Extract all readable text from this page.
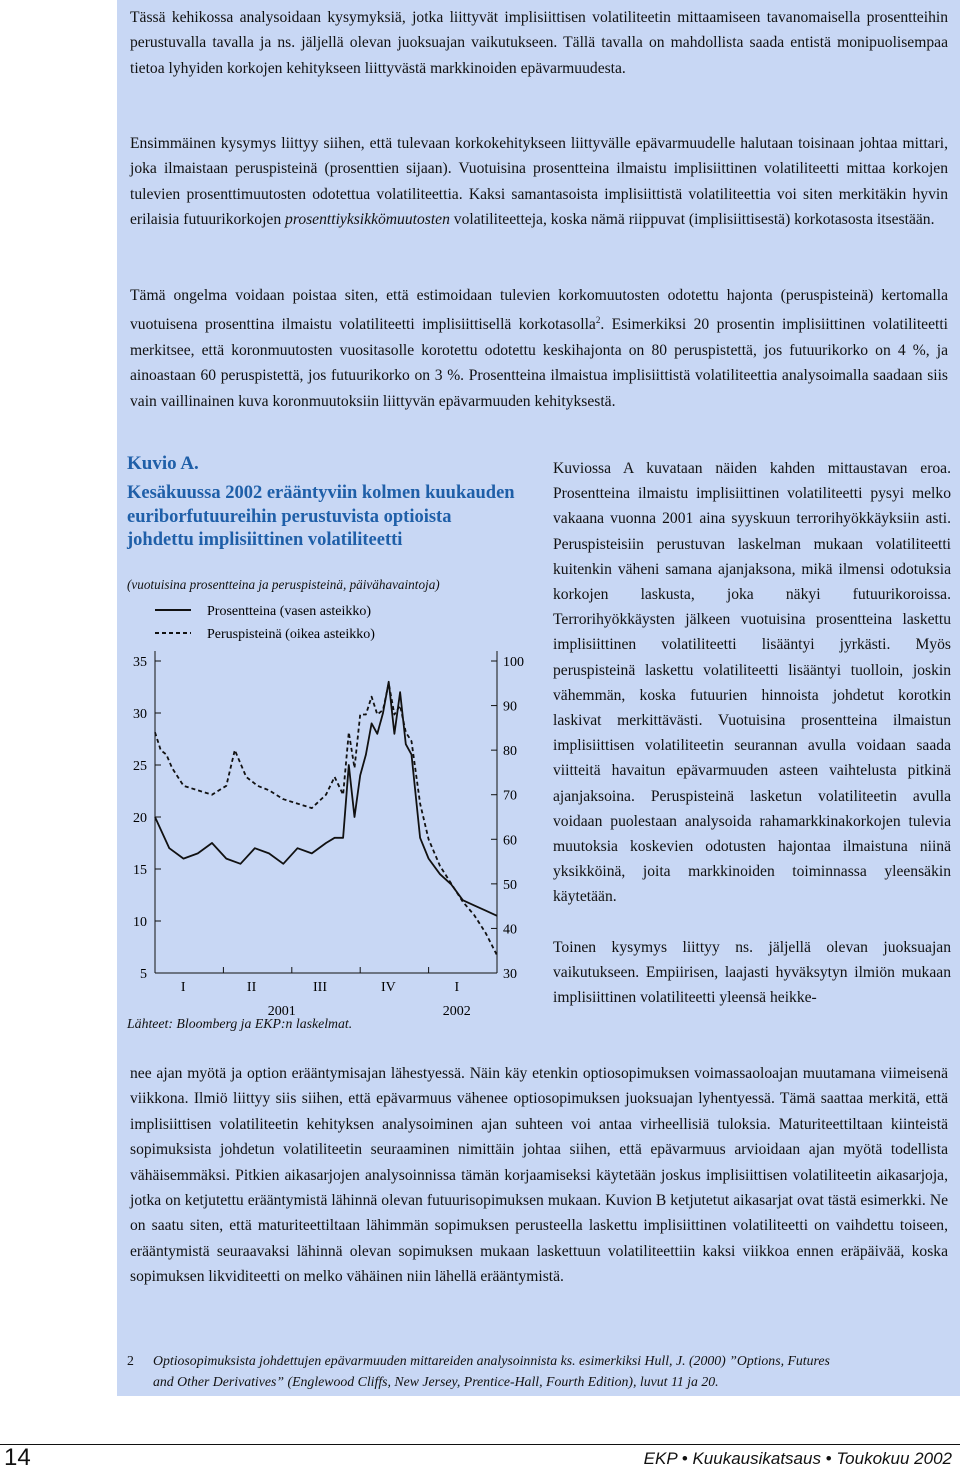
Tässä kehikossa analysoidaan kysymyksiä, jotka liittyvät implisiittisen volatiliteetin mittaamiseen tavanomaisella prosentteihin perustuvalla tavalla ja ns. jäljellä olevan juoksuajan vaikutukseen. Tällä tavalla on mahdollista saada entistä monipuolisempaa tietoa lyhyiden korkojen kehitykseen liittyvästä markkinoiden epävarmuudesta.

Ensimmäinen kysymys liittyy siihen, että tulevaan korkokehitykseen liittyvälle epävarmuudelle halutaan toisinaan johtaa mittari, joka ilmaistaan peruspisteinä (prosenttien sijaan). Vuotuisina prosentteina ilmaistu implisiittinen volatiliteetti mittaa korkojen tulevien prosenttimuutosten odotettua volatiliteettia. Kaksi samantasoista implisiittistä volatiliteettia voi siten merkitäkin hyvin erilaisia futuurikorkojen prosenttiyksikkömuutosten volatiliteetteja, koska nämä riippuvat (implisiittisestä) korkotasosta itsestään.

Tämä ongelma voidaan poistaa siten, että estimoidaan tulevien korkomuutosten odotettu hajonta (peruspisteinä) kertomalla vuotuisena prosenttina ilmaistu volatiliteetti implisiittisellä korkotasolla$^2$. Esimerkiksi 20 prosentin implisiittinen volatiliteetti merkitsee, että koronmuutosten vuositasolle korotettu odotettu keskihajonta on 80 peruspistettä, jos futuurikorko on 4 %, ja ainoastaan 60 peruspistettä, jos futuurikorko on 3 %. Prosentteina ilmaistua implisiittistä volatiliteettia analysoimalla saadaan siis vain vaillinainen kuva koronmuutoksiin liittyvän epävarmuuden kehityksestä.

Kuvio A.
Kesäkuussa 2002 erääntyviin kolmen kuukauden euriborfutuureihin perustuvista optioista johdettu implisiittinen volatiliteetti
(vuotuisina prosentteina ja peruspisteinä, päivähavaintoja)
Prosentteina (vasen asteikko)
Peruspisteinä (oikea asteikko)
5
10
15
20
25
30
35
30
40
50
60
70
80
90
100
I	II	III	IV	I
2001	2002
Lähteet: Bloomberg ja EKP:n laskelmat.

Kuviossa A kuvataan näiden kahden mittaustavan eroa. Prosentteina ilmaistu implisiittinen volatiliteetti pysyi melko vakaana vuonna 2001 aina syyskuun terrorihyökkäyksiin asti. Peruspisteisiin perustuvan laskelman mukaan volatiliteetti kuitenkin väheni samana ajanjaksona, mikä ilmensi odotuksia korkojen laskusta, joka näkyi futuurikoroissa. Terrorihyökkäysten jälkeen vuotuisina prosentteina laskettu implisiittinen volatiliteetti lisääntyi jyrkästi. Myös peruspisteinä laskettu volatiliteetti lisääntyi tuolloin, joskin vähemmän, koska futuurien hinnoista johdetut korotkin laskivat merkittävästi. Vuotuisina prosentteina ilmaistun implisiittisen volatiliteetin seurannan avulla voidaan saada viitteitä havaitun epävarmuuden asteen vaihtelusta pitkinä ajanjaksoina. Peruspisteinä lasketun volatiliteetin avulla voidaan puolestaan analysoida rahamarkkinakorkojen tulevia muutoksia koskevien odotusten hajontaa ilmaistuna niinä yksikköinä, joita markkinoiden toiminnassa yleensäkin käytetään.

Toinen kysymys liittyy ns. jäljellä olevan juoksuajan vaikutukseen. Empiirisen, laajasti hyväksytyn ilmiön mukaan implisiittinen volatiliteetti yleensä heikke-

nee ajan myötä ja option erääntymisajan lähestyessä. Näin käy etenkin optiosopimuksen voimassaoloajan muutamana viimeisenä viikkona. Ilmiö liittyy siis siihen, että epävarmuus vähenee optiosopimuksen juoksuajan lyhentyessä. Tämä saattaa merkitä, että implisiittisen volatiliteetin kehityksen analysoiminen ajan suhteen voi antaa virheellisiä tuloksia. Maturiteettiltaan kiinteistä sopimuksista johdetun volatiliteetin seuraaminen nimittäin johtaa siihen, että epävarmuus arvioidaan ajan myötä todellista vähäisemmäksi. Pitkien aikasarjojen analysoinnissa tämän korjaamiseksi käytetään joskus implisiittisen volatiliteetin aikasarjoja, jotka on ketjutettu erääntymistä lähinnä olevan futuurisopimuksen mukaan. Kuvion B ketjutetut aikasarjat ovat tästä esimerkki. Ne on saatu siten, että maturiteettiltaan lähimmän sopimuksen perusteella laskettu implisiittinen volatiliteetti on vaihdettu toiseen, erääntymistä seuraavaksi lähinnä olevan sopimuksen mukaan laskettuun volatiliteettiin kaksi viikkoa ennen eräpäivää, koska sopimuksen likviditeetti on melko vähäinen niin lähellä erääntymistä.

2 Optiosopimuksista johdettujen epävarmuuden mittareiden analysoinnista ks. esimerkiksi Hull, J. (2000) ”Options, Futures
and Other Derivatives” (Englewood Cliffs, New Jersey, Prentice-Hall, Fourth Edition), luvut 11 ja 20.
14	EKP • Kuukausikatsaus • Toukokuu 2002
